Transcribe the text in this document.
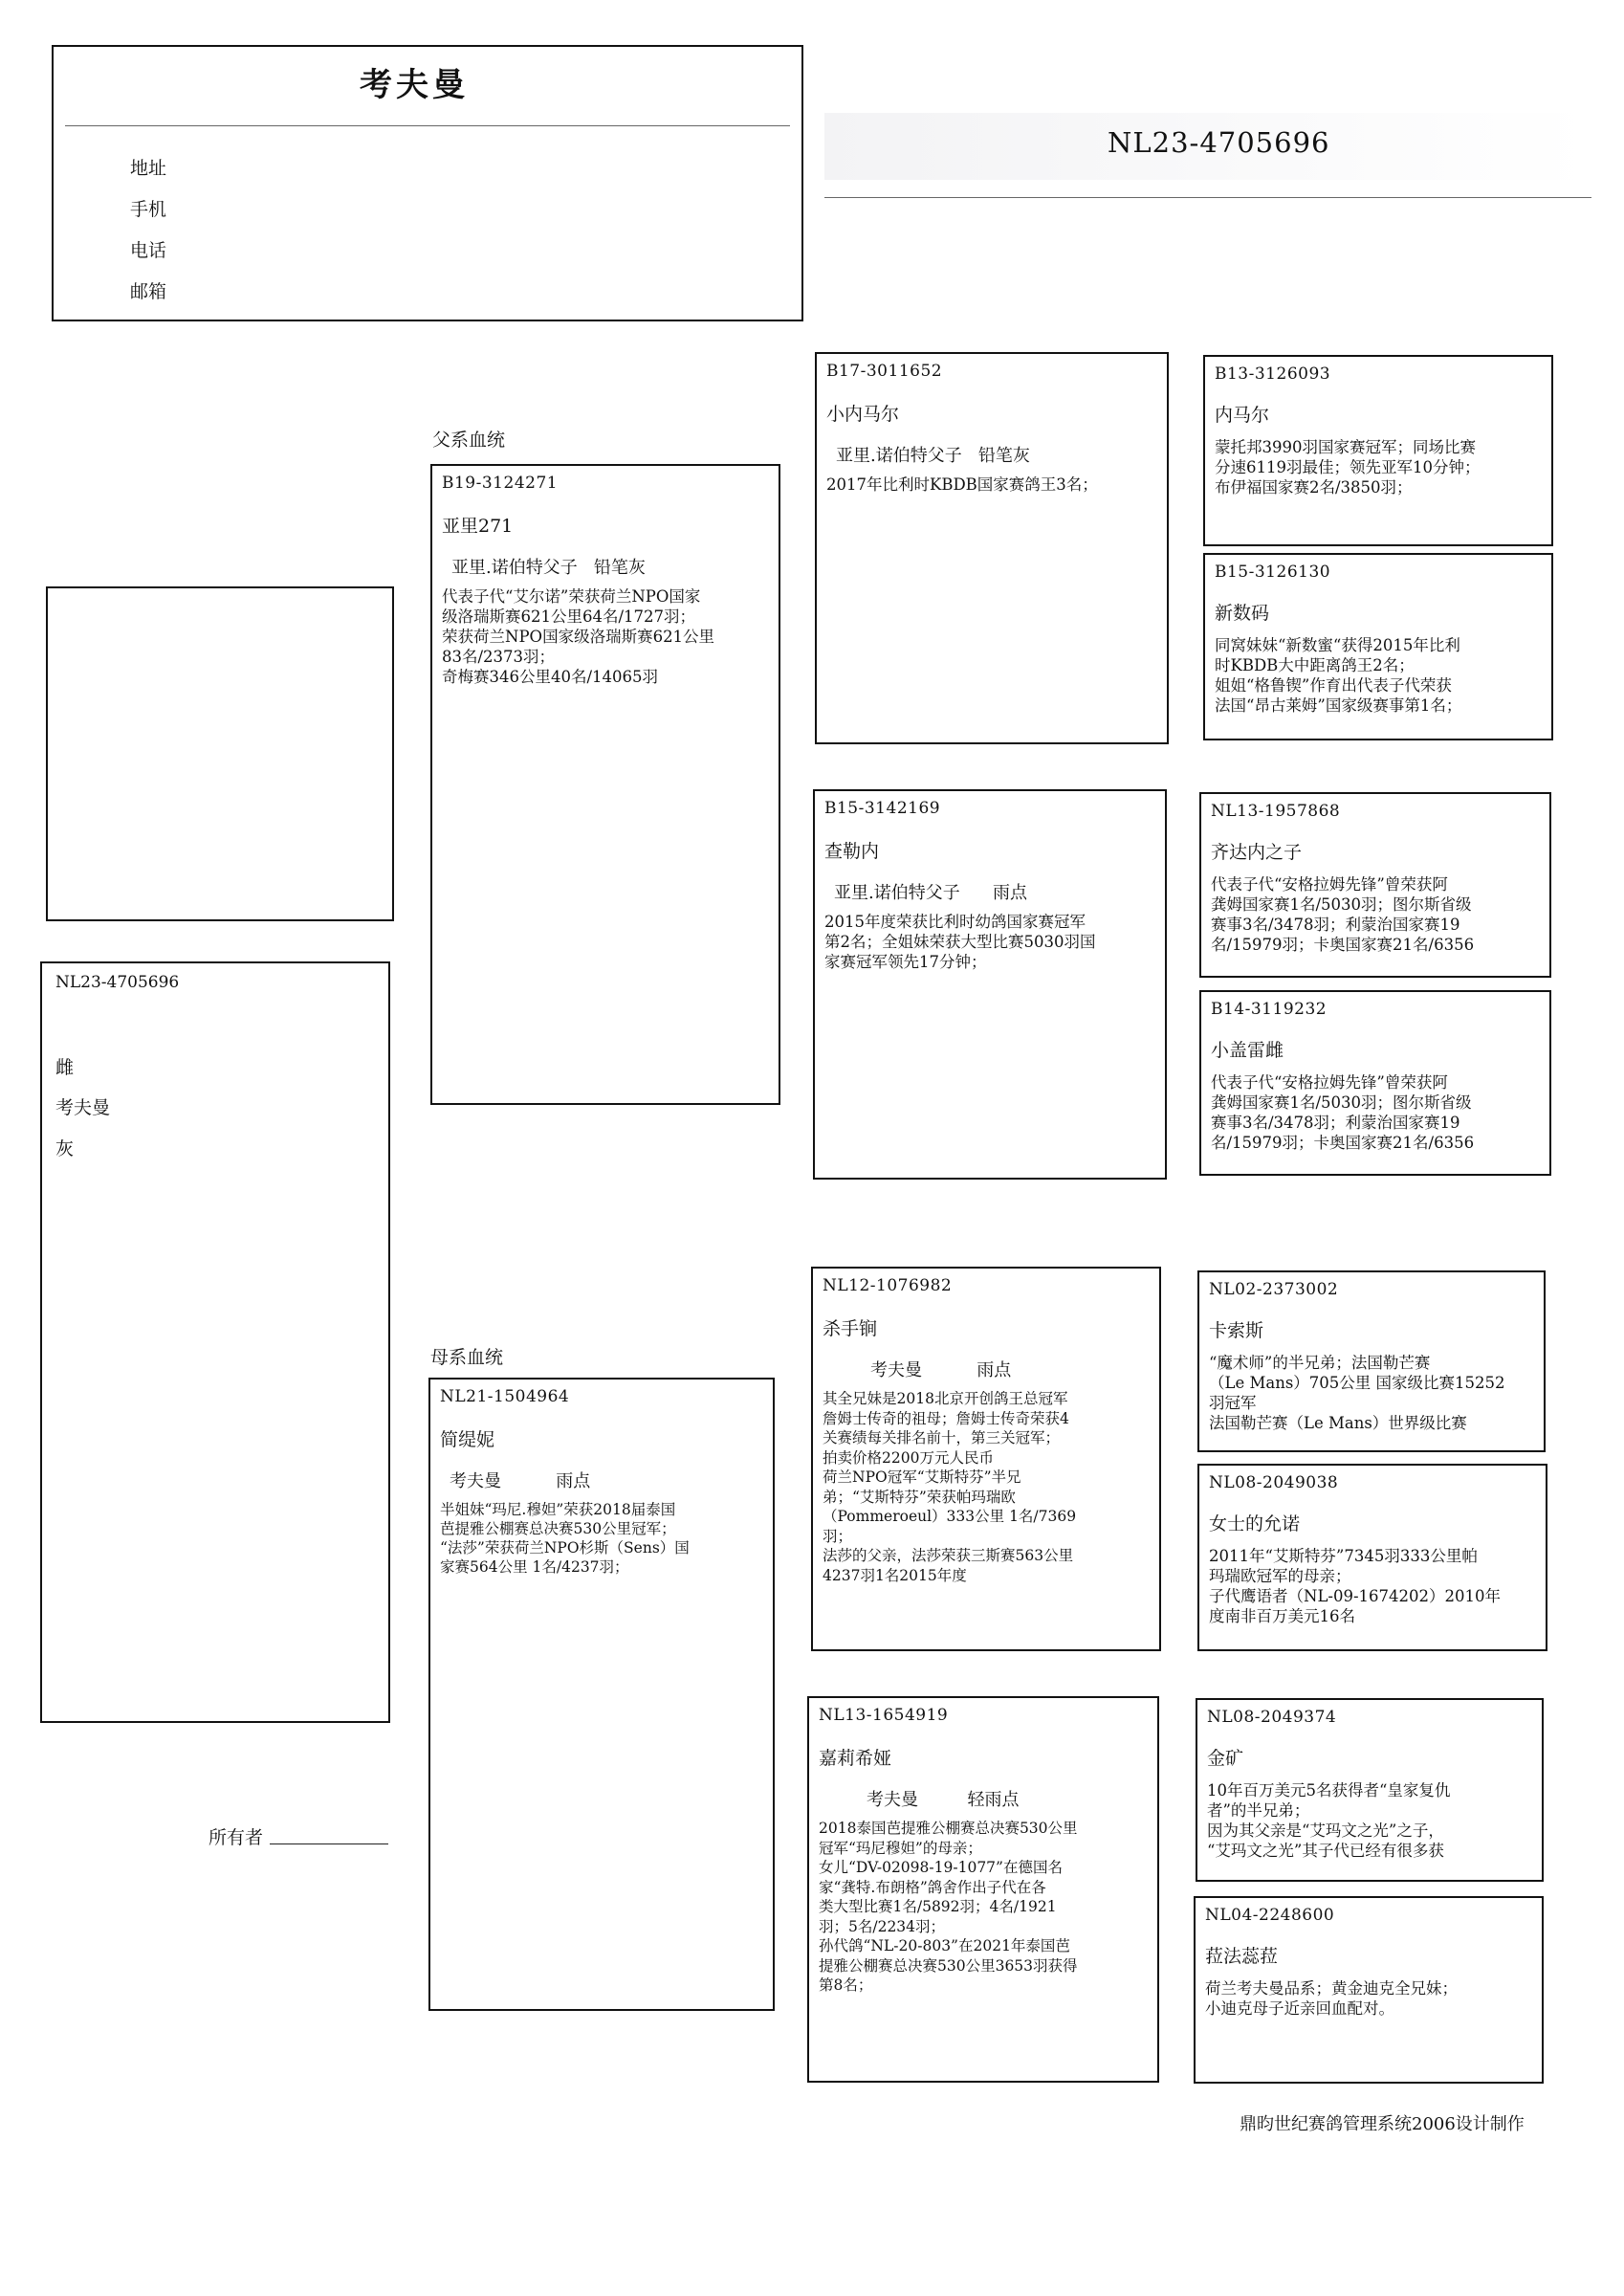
考夫曼
地址
手机
电话
邮箱
NL23-4705696
NL23-4705696
雌
考夫曼
灰
父系血统
母系血统
B19-3124271
亚里271
亚里.诺伯特父子   铅笔灰
代表子代“艾尔诺”荣获荷兰NPO国家
级洛瑞斯赛621公里64名/1727羽；
荣获荷兰NPO国家级洛瑞斯赛621公里
83名/2373羽；
奇梅赛346公里40名/14065羽
NL21-1504964
简缇妮
考夫曼          雨点
半姐妹“玛尼.穆妲”荣获2018届泰国
芭提雅公棚赛总决赛530公里冠军；
“法莎”荣获荷兰NPO杉斯（Sens）国
家赛564公里 1名/4237羽；
B17-3011652
小内马尔
亚里.诺伯特父子   铅笔灰
2017年比利时KBDB国家赛鸽王3名；
B15-3142169
查勒内
亚里.诺伯特父子      雨点
2015年度荣获比利时幼鸽国家赛冠军
第2名；全姐妹荣获大型比赛5030羽国
家赛冠军领先17分钟；
NL12-1076982
杀手锏
考夫曼          雨点
其全兄妹是2018北京开创鸽王总冠军
詹姆士传奇的祖母；詹姆士传奇荣获4
关赛绩每关排名前十，第三关冠军；
拍卖价格2200万元人民币
荷兰NPO冠军“艾斯特芬”半兄
弟；“艾斯特芬”荣获帕玛瑞欧
（Pommeroeul）333公里 1名/7369
羽；
法莎的父亲，法莎荣获三斯赛563公里
4237羽1名2015年度
NL13-1654919
嘉莉希娅
考夫曼         轻雨点
2018泰国芭提雅公棚赛总决赛530公里
冠军“玛尼穆妲”的母亲；
女儿“DV-02098-19-1077”在德国名
家“龚特.布朗格”鸽舍作出子代在各
类大型比赛1名/5892羽；4名/1921
羽；5名/2234羽；
孙代鸽“NL-20-803”在2021年泰国芭
提雅公棚赛总决赛530公里3653羽获得
第8名；
B13-3126093
内马尔
蒙托邦3990羽国家赛冠军；同场比赛
分速6119羽最佳；领先亚军10分钟；
布伊福国家赛2名/3850羽；
B15-3126130
新数码
同窝妹妹“新数蜜“获得2015年比利
时KBDB大中距离鸽王2名；
姐姐“格鲁锲”作育出代表子代荣获
法国“昂古莱姆”国家级赛事第1名；
NL13-1957868
齐达内之子
代表子代“安格拉姆先锋”曾荣获阿
龚姆国家赛1名/5030羽；图尔斯省级
赛事3名/3478羽；利蒙治国家赛19
名/15979羽；卡奥国家赛21名/6356
B14-3119232
小盖雷雌
代表子代“安格拉姆先锋”曾荣获阿
龚姆国家赛1名/5030羽；图尔斯省级
赛事3名/3478羽；利蒙治国家赛19
名/15979羽；卡奥国家赛21名/6356
NL02-2373002
卡索斯
“魔术师”的半兄弟；法国勒芒赛
（Le Mans）705公里 国家级比赛15252
羽冠军
法国勒芒赛（Le Mans）世界级比赛
NL08-2049038
女士的允诺
2011年“艾斯特芬”7345羽333公里帕
玛瑞欧冠军的母亲；
子代鹰语者（NL-09-1674202）2010年
度南非百万美元16名
NL08-2049374
金矿
10年百万美元5名获得者“皇家复仇
者”的半兄弟；
因为其父亲是“艾玛文之光”之子，
“艾玛文之光”其子代已经有很多获
NL04-2248600
菈法蕊菈
荷兰考夫曼品系；黄金迪克全兄妹；
小迪克母子近亲回血配对。
所有者
鼎昀世纪赛鸽管理系统2006设计制作
